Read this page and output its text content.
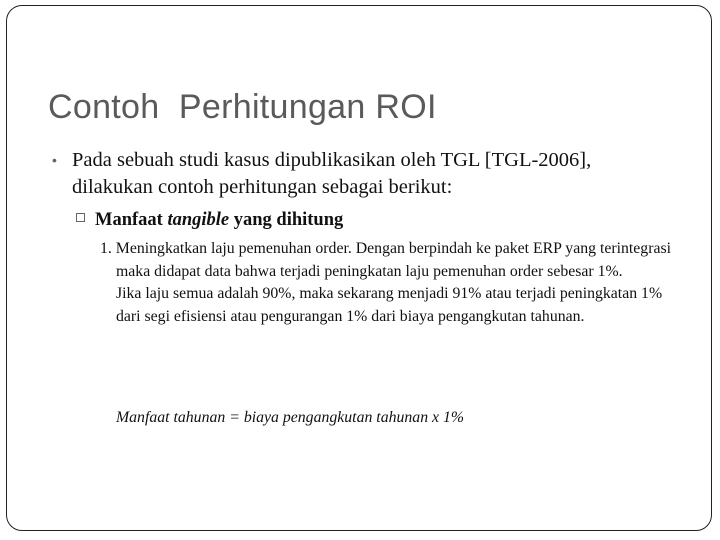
Contoh  Perhitungan ROI
• Pada sebuah studi kasus dipublikasikan oleh TGL [TGL-2006], dilakukan contoh perhitungan sebagai berikut:
Manfaat tangible yang dihitung

1. Meningkatkan laju pemenuhan order. Dengan berpindah ke paket ERP yang terintegrasi maka didapat data bahwa terjadi peningkatan laju pemenuhan order sebesar 1%.

Jika laju semua adalah 90%, maka sekarang menjadi 91% atau terjadi peningkatan 1% dari segi efisiensi atau pengurangan 1% dari biaya pengangkutan tahunan.

Manfaat tahunan = biaya pengangkutan tahunan x 1%
